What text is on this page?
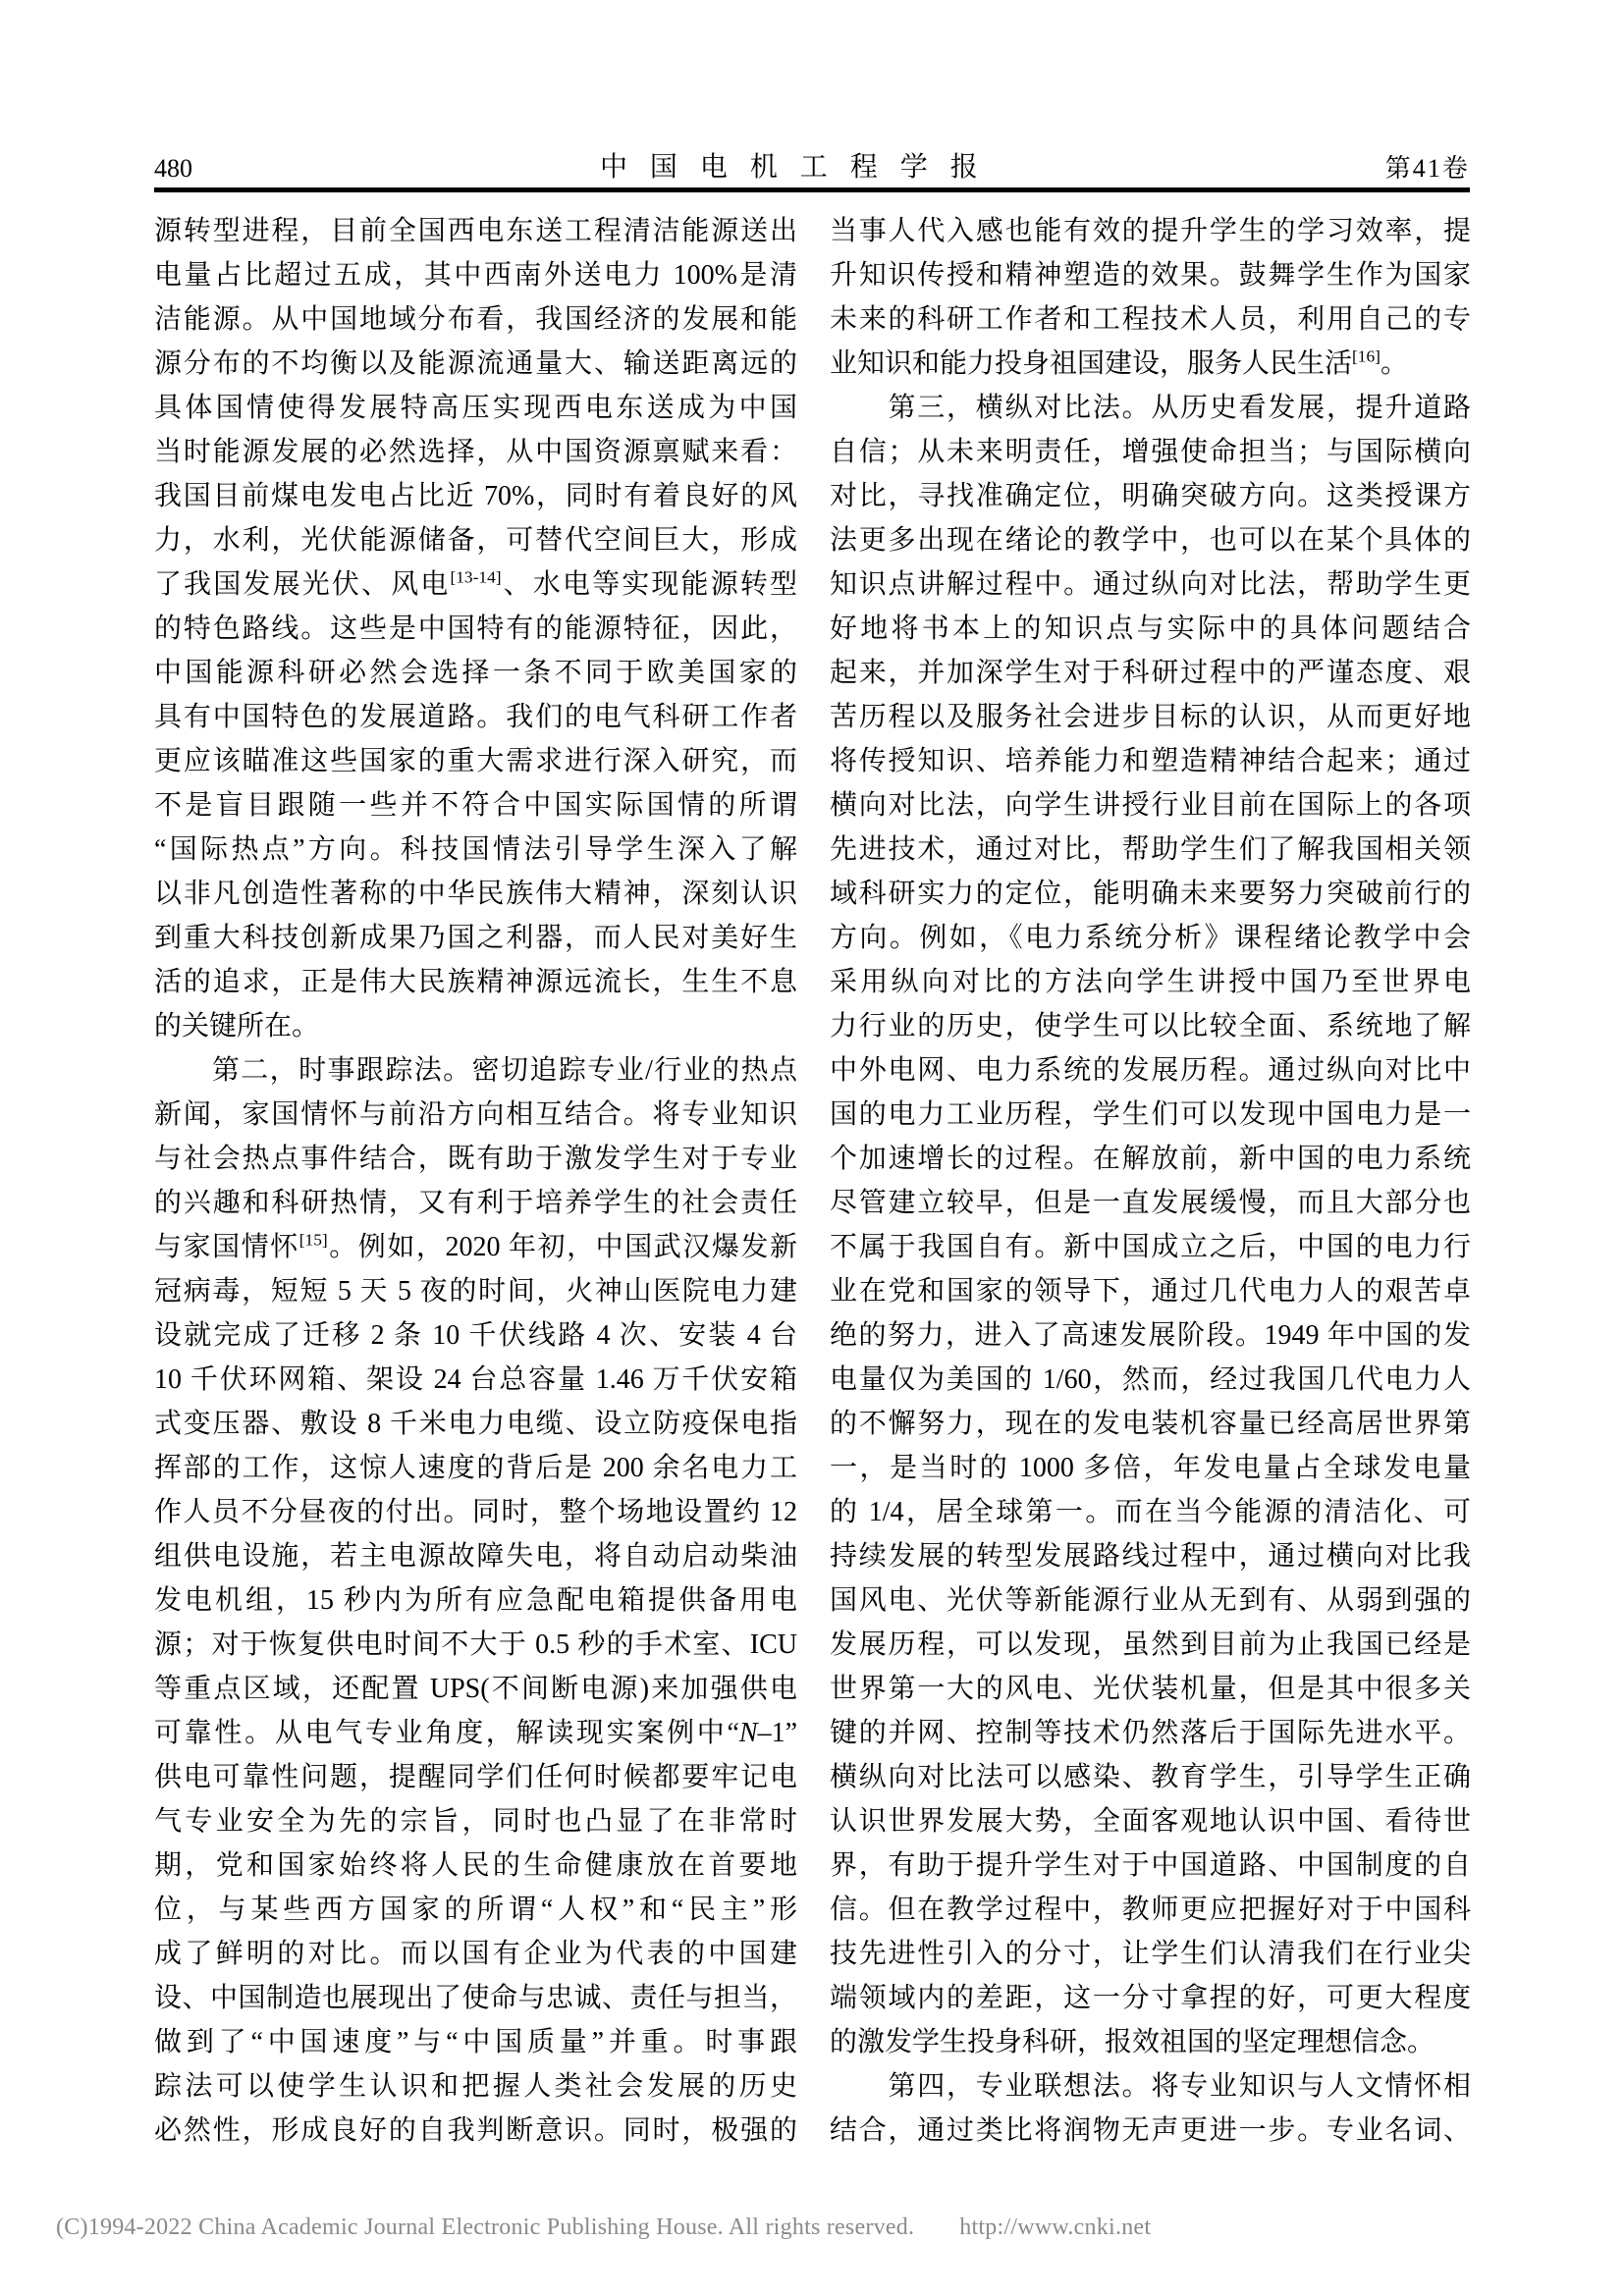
480	中国电机工程学报	第41卷
源转型进程，目前全国西电东送工程清洁能源送出
电量占比超过五成，其中西南外送电力 100%是清
洁能源。从中国地域分布看，我国经济的发展和能
源分布的不均衡以及能源流通量大、输送距离远的
具体国情使得发展特高压实现西电东送成为中国
当时能源发展的必然选择，从中国资源禀赋来看：
我国目前煤电发电占比近 70%，同时有着良好的风
力，水利，光伏能源储备，可替代空间巨大，形成
了我国发展光伏、风电[13-14]、水电等实现能源转型
的特色路线。这些是中国特有的能源特征，因此，
中国能源科研必然会选择一条不同于欧美国家的
具有中国特色的发展道路。我们的电气科研工作者
更应该瞄准这些国家的重大需求进行深入研究，而
不是盲目跟随一些并不符合中国实际国情的所谓
“国际热点”方向。科技国情法引导学生深入了解
以非凡创造性著称的中华民族伟大精神，深刻认识
到重大科技创新成果乃国之利器，而人民对美好生
活的追求，正是伟大民族精神源远流长，生生不息
的关键所在。
　　第二，时事跟踪法。密切追踪专业/行业的热点
新闻，家国情怀与前沿方向相互结合。将专业知识
与社会热点事件结合，既有助于激发学生对于专业
的兴趣和科研热情，又有利于培养学生的社会责任
与家国情怀[15]。例如，2020 年初，中国武汉爆发新
冠病毒，短短 5 天 5 夜的时间，火神山医院电力建
设就完成了迁移 2 条 10 千伏线路 4 次、安装 4 台
10 千伏环网箱、架设 24 台总容量 1.46 万千伏安箱
式变压器、敷设 8 千米电力电缆、设立防疫保电指
挥部的工作，这惊人速度的背后是 200 余名电力工
作人员不分昼夜的付出。同时，整个场地设置约 12
组供电设施，若主电源故障失电，将自动启动柴油
发电机组，15 秒内为所有应急配电箱提供备用电
源；对于恢复供电时间不大于 0.5 秒的手术室、ICU
等重点区域，还配置 UPS(不间断电源)来加强供电
可靠性。从电气专业角度，解读现实案例中“N–1”
供电可靠性问题，提醒同学们任何时候都要牢记电
气专业安全为先的宗旨，同时也凸显了在非常时
期，党和国家始终将人民的生命健康放在首要地
位，与某些西方国家的所谓“人权”和“民主”形
成了鲜明的对比。而以国有企业为代表的中国建
设、中国制造也展现出了使命与忠诚、责任与担当，
做到了“中国速度”与“中国质量”并重。时事跟
踪法可以使学生认识和把握人类社会发展的历史
必然性，形成良好的自我判断意识。同时，极强的
当事人代入感也能有效的提升学生的学习效率，提
升知识传授和精神塑造的效果。鼓舞学生作为国家
未来的科研工作者和工程技术人员，利用自己的专
业知识和能力投身祖国建设，服务人民生活[16]。
　　第三，横纵对比法。从历史看发展，提升道路
自信；从未来明责任，增强使命担当；与国际横向
对比，寻找准确定位，明确突破方向。这类授课方
法更多出现在绪论的教学中，也可以在某个具体的
知识点讲解过程中。通过纵向对比法，帮助学生更
好地将书本上的知识点与实际中的具体问题结合
起来，并加深学生对于科研过程中的严谨态度、艰
苦历程以及服务社会进步目标的认识，从而更好地
将传授知识、培养能力和塑造精神结合起来；通过
横向对比法，向学生讲授行业目前在国际上的各项
先进技术，通过对比，帮助学生们了解我国相关领
域科研实力的定位，能明确未来要努力突破前行的
方向。例如，《电力系统分析》课程绪论教学中会
采用纵向对比的方法向学生讲授中国乃至世界电
力行业的历史，使学生可以比较全面、系统地了解
中外电网、电力系统的发展历程。通过纵向对比中
国的电力工业历程，学生们可以发现中国电力是一
个加速增长的过程。在解放前，新中国的电力系统
尽管建立较早，但是一直发展缓慢，而且大部分也
不属于我国自有。新中国成立之后，中国的电力行
业在党和国家的领导下，通过几代电力人的艰苦卓
绝的努力，进入了高速发展阶段。1949 年中国的发
电量仅为美国的 1/60，然而，经过我国几代电力人
的不懈努力，现在的发电装机容量已经高居世界第
一，是当时的 1000 多倍，年发电量占全球发电量
的 1/4，居全球第一。而在当今能源的清洁化、可
持续发展的转型发展路线过程中，通过横向对比我
国风电、光伏等新能源行业从无到有、从弱到强的
发展历程，可以发现，虽然到目前为止我国已经是
世界第一大的风电、光伏装机量，但是其中很多关
键的并网、控制等技术仍然落后于国际先进水平。
横纵向对比法可以感染、教育学生，引导学生正确
认识世界发展大势，全面客观地认识中国、看待世
界，有助于提升学生对于中国道路、中国制度的自
信。但在教学过程中，教师更应把握好对于中国科
技先进性引入的分寸，让学生们认清我们在行业尖
端领域内的差距，这一分寸拿捏的好，可更大程度
的激发学生投身科研，报效祖国的坚定理想信念。
　　第四，专业联想法。将专业知识与人文情怀相
结合，通过类比将润物无声更进一步。专业名词、
(C)1994-2022 China Academic Journal Electronic Publishing House. All rights reserved. http://www.cnki.net
